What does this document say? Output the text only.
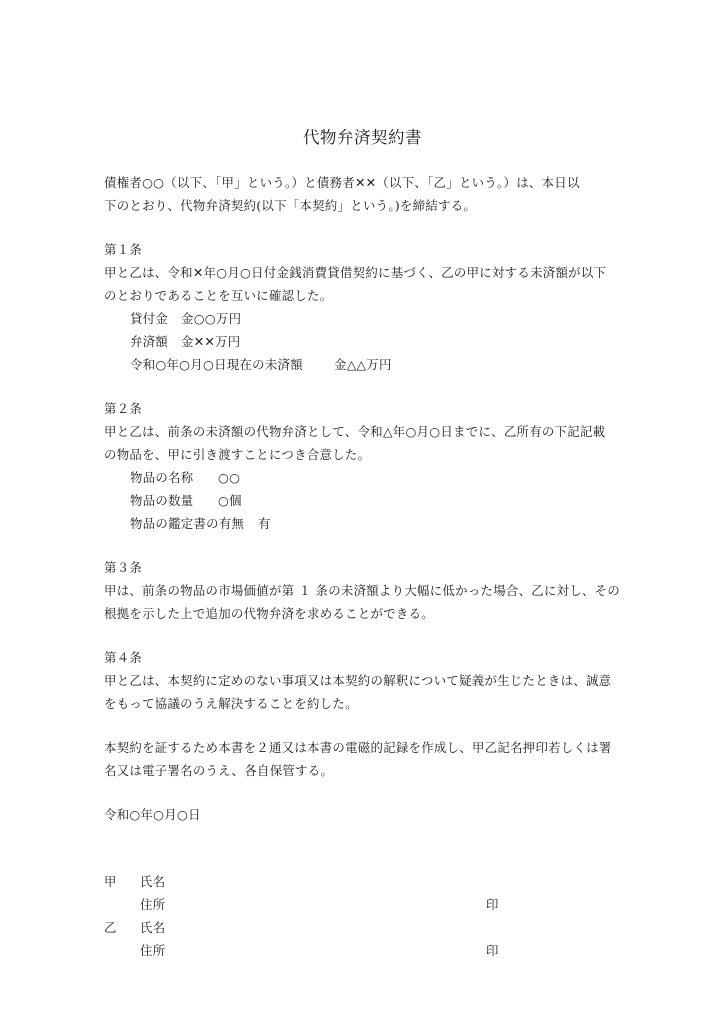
代物弁済契約書
債権者○○（以下、「甲」という。）と債務者✕✕（以下、「乙」という。）は、本日以
下のとおり、代物弁済契約(以下「本契約」という。)を締結する。
第１条
甲と乙は、令和✕年○月○日付金銭消費貸借契約に基づく、乙の甲に対する未済額が以下
のとおりであることを互いに確認した。
貸付金 金○○万円
弁済額 金✕✕万円
令和○年○月○日現在の未済額	金△△万円
第２条
甲と乙は、前条の未済額の代物弁済として、令和△年○月○日までに、乙所有の下記記載
の物品を、甲に引き渡すことにつき合意した。
物品の名称 ○○
物品の数量 ○個
物品の鑑定書の有無 有
第３条
甲は、前条の物品の市場価値が第 １ 条の未済額より大幅に低かった場合、乙に対し、その
根拠を示した上で追加の代物弁済を求めることができる。
第４条
甲と乙は、本契約に定めのない事項又は本契約の解釈について疑義が生じたときは、誠意
をもって協議のうえ解決することを約した。
本契約を証するため本書を２通又は本書の電磁的記録を作成し、甲乙記名押印若しくは署
名又は電子署名のうえ、各自保管する。
令和○年○月○日
甲 氏名
住所	印
乙 氏名
住所	印
